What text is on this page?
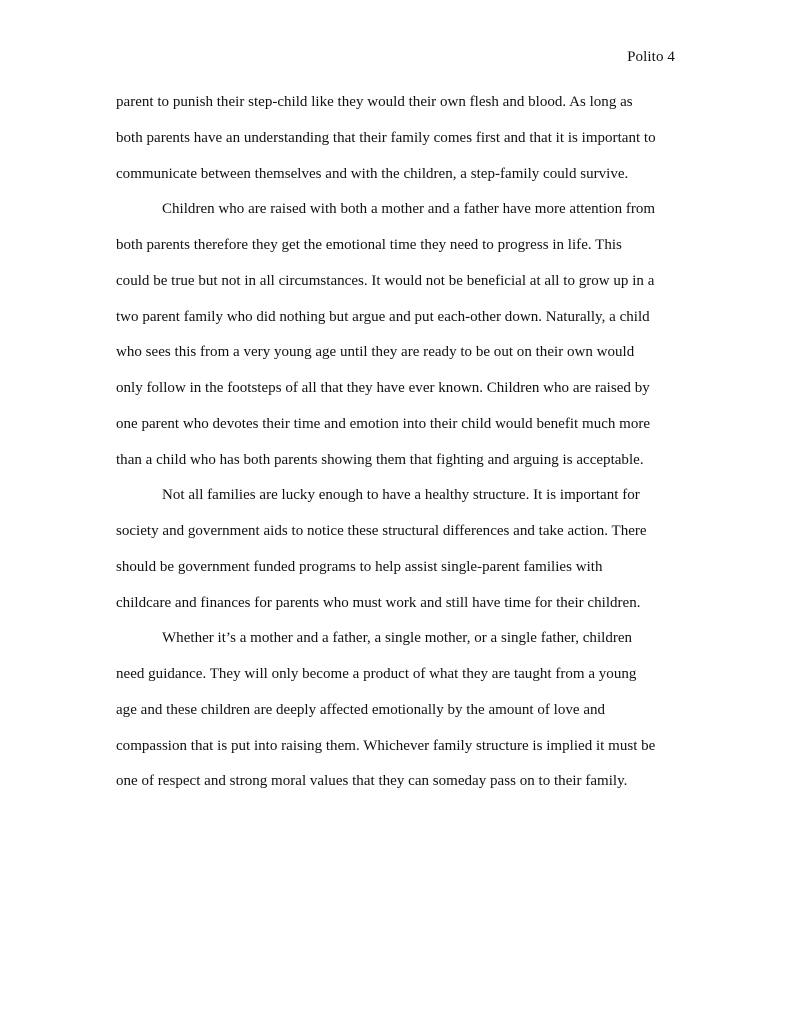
Polito 4
parent to punish their step-child like they would their own flesh and blood. As long as
both parents have an understanding that their family comes first and that it is important to
communicate between themselves and with the children, a step-family could survive.
Children who are raised with both a mother and a father have more attention from
both parents therefore they get the emotional time they need to progress in life. This
could be true but not in all circumstances. It would not be beneficial at all to grow up in a
two parent family who did nothing but argue and put each-other down. Naturally, a child
who sees this from a very young age until they are ready to be out on their own would
only follow in the footsteps of all that they have ever known. Children who are raised by
one parent who devotes their time and emotion into their child would benefit much more
than a child who has both parents showing them that fighting and arguing is acceptable.
Not all families are lucky enough to have a healthy structure. It is important for
society and government aids to notice these structural differences and take action. There
should be government funded programs to help assist single-parent families with
childcare and finances for parents who must work and still have time for their children.
Whether it’s a mother and a father, a single mother, or a single father, children
need guidance. They will only become a product of what they are taught from a young
age and these children are deeply affected emotionally by the amount of love and
compassion that is put into raising them. Whichever family structure is implied it must be
one of respect and strong moral values that they can someday pass on to their family.
